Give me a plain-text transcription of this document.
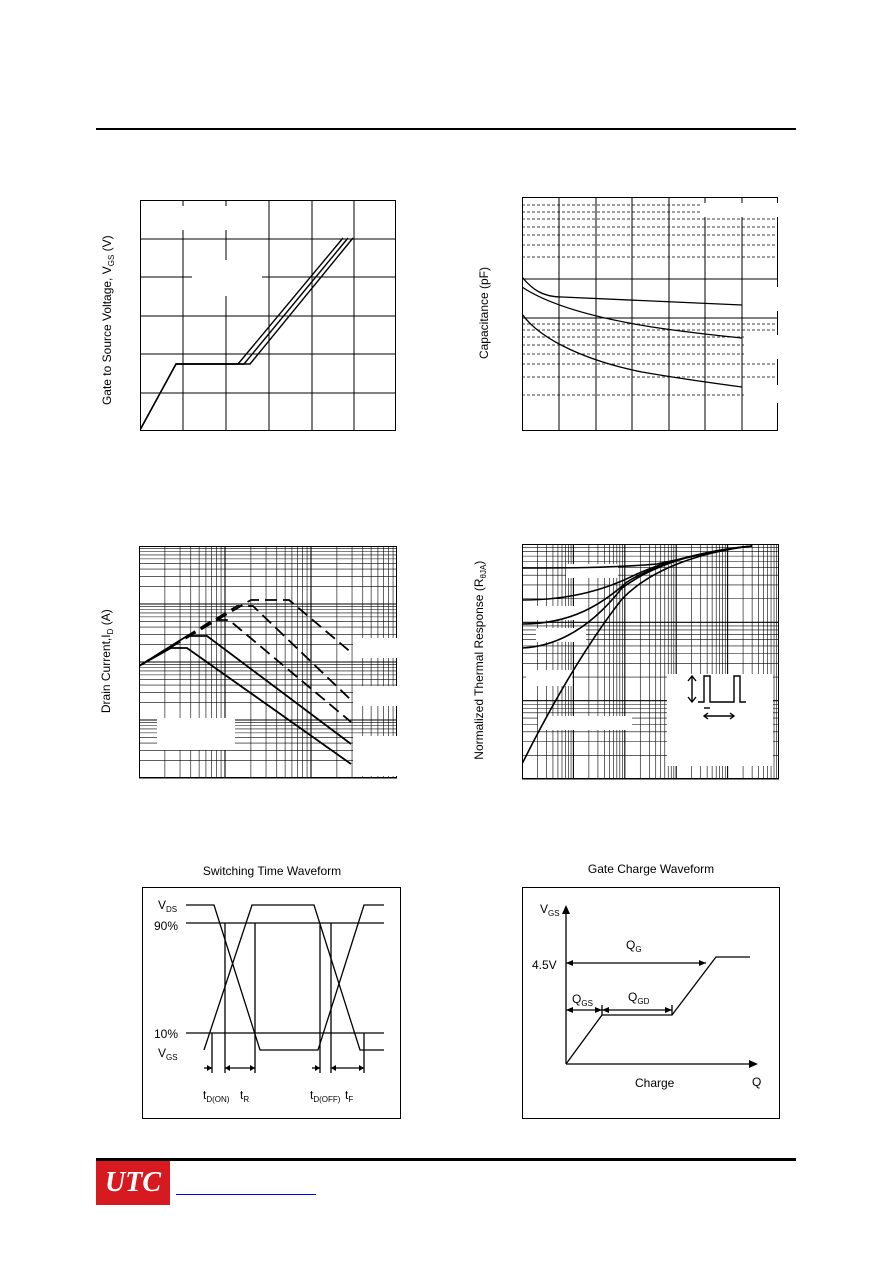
Gate to Source Voltage, $V_{GS}$ (V)
Capacitance (pF)
Drain $Current,I_D$ (A)	Normalized Thermal Response $(R_{\theta JA})$
Switching Time Waveform
$V_{DS}$
90%
10%
$V_{GS}$
$t_{D(ON)}$ $t_R$	$t_{D(OFF)}$ $t_F$
Gate Charge Waveform
$V_{GS}$
$Q_G$
4.5V
$Q_{GS}$	$Q_{GD}$
Charge	Q
UTC
